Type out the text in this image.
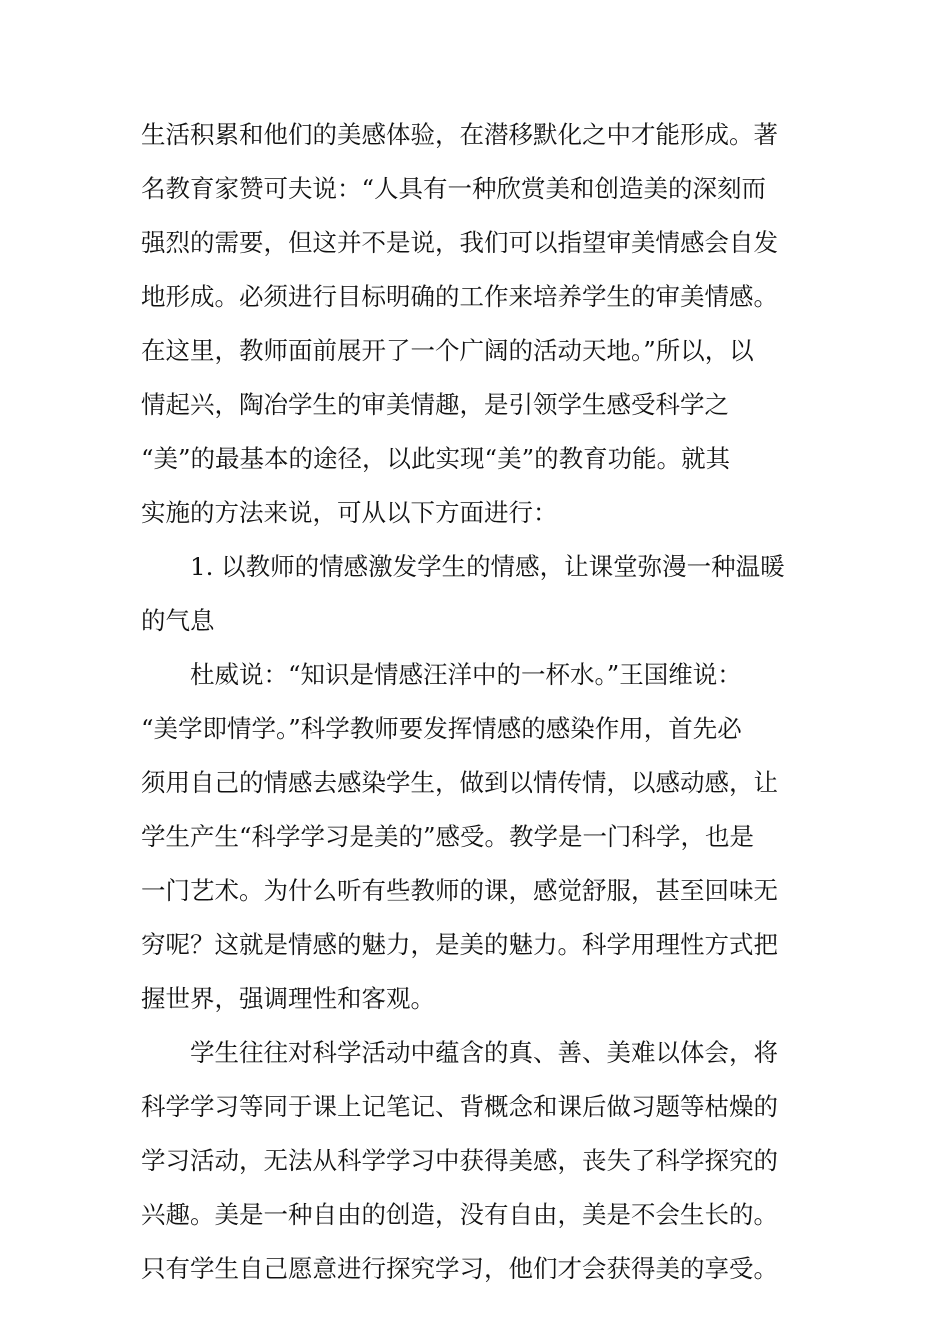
生活积累和他们的美感体验，在潜移默化之中才能形成。著
名教育家赞可夫说：“人具有一种欣赏美和创造美的深刻而
强烈的需要，但这并不是说，我们可以指望审美情感会自发
地形成。必须进行目标明确的工作来培养学生的审美情感。
在这里，教师面前展开了一个广阔的活动天地。”所以，以
情起兴，陶冶学生的审美情趣，是引领学生感受科学之
“美”的最基本的途径，以此实现“美”的教育功能。就其
实施的方法来说，可从以下方面进行：
1. 以教师的情感激发学生的情感，让课堂弥漫一种温暖
的气息
杜威说：“知识是情感汪洋中的一杯水。”王国维说：
“美学即情学。”科学教师要发挥情感的感染作用，首先必
须用自己的情感去感染学生，做到以情传情，以感动感，让
学生产生“科学学习是美的”感受。教学是一门科学，也是
一门艺术。为什么听有些教师的课，感觉舒服，甚至回味无
穷呢？这就是情感的魅力，是美的魅力。科学用理性方式把
握世界，强调理性和客观。
学生往往对科学活动中蕴含的真、善、美难以体会，将
科学学习等同于课上记笔记、背概念和课后做习题等枯燥的
学习活动，无法从科学学习中获得美感，丧失了科学探究的
兴趣。美是一种自由的创造，没有自由，美是不会生长的。
只有学生自己愿意进行探究学习，他们才会获得美的享受。
